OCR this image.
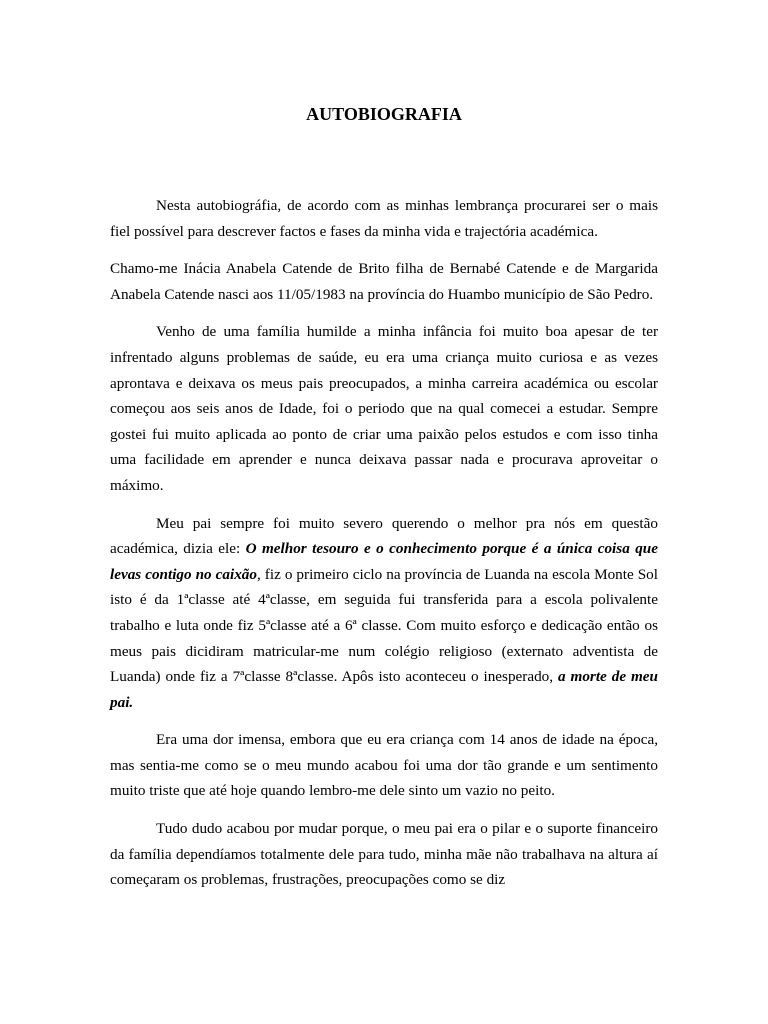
AUTOBIOGRAFIA

Nesta autobiográfia, de acordo com as minhas lembrança procurarei ser o mais fiel possível para descrever factos e fases da minha vida e trajectória académica.

Chamo-me Inácia Anabela Catende de Brito filha de Bernabé Catende e de Margarida Anabela Catende nasci aos 11/05/1983 na província do Huambo município de São Pedro.

Venho de uma família humilde a minha infância foi muito boa apesar de ter infrentado alguns problemas de saúde, eu era uma criança muito curiosa e as vezes aprontava e deixava os meus pais preocupados, a minha carreira académica ou escolar começou aos seis anos de Idade, foi o periodo que na qual comecei a estudar. Sempre gostei fui muito aplicada ao ponto de criar uma paixão pelos estudos e com isso tinha uma facilidade em aprender e nunca deixava passar nada e procurava aproveitar o máximo.

Meu pai sempre foi muito severo querendo o melhor pra nós em questão académica, dizia ele: O melhor tesouro e o conhecimento porque é a única coisa que levas contigo no caixão, fiz o primeiro ciclo na província de Luanda na escola Monte Sol isto é da 1ªclasse até 4ªclasse, em seguida fui transferida para a escola polivalente trabalho e luta onde fiz 5ªclasse até a 6ª classe. Com muito esforço e dedicação então os meus pais dicidiram matricular-me num colégio religioso (externato adventista de Luanda) onde fiz a 7ªclasse 8ªclasse. Apôs isto aconteceu o inesperado, a morte de meu pai.

Era uma dor imensa, embora que eu era criança com 14 anos de idade na época, mas sentia-me como se o meu mundo acabou foi uma dor tão grande e um sentimento muito triste que até hoje quando lembro-me dele sinto um vazio no peito.

Tudo dudo acabou por mudar porque, o meu pai era o pilar e o suporte financeiro da família dependíamos totalmente dele para tudo, minha mãe não trabalhava na altura aí começaram os problemas, frustrações, preocupações como se diz
